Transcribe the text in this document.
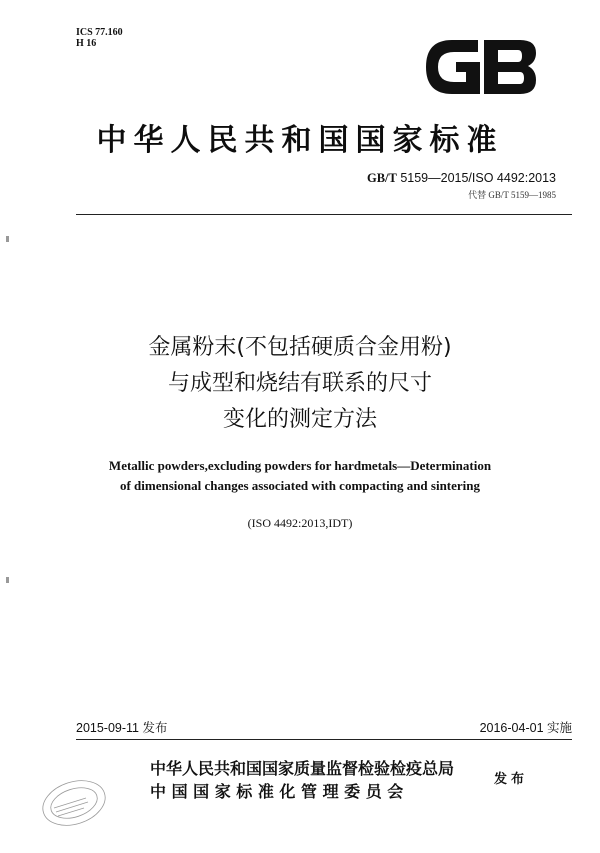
ICS 77.160
H 16
中华人民共和国国家标准
GB/T 5159—2015/ISO 4492:2013
代替 GB/T 5159—1985
金属粉末(不包括硬质合金用粉)
与成型和烧结有联系的尺寸
变化的测定方法
Metallic powders,excluding powders for hardmetals—Determination
of dimensional changes associated with compacting and sintering
(ISO 4492:2013,IDT)
2015-09-11 发布	2016-04-01 实施
中华人民共和国国家质量监督检验检疫总局
中 国 国 家 标 准 化 管 理 委 员 会
发布
